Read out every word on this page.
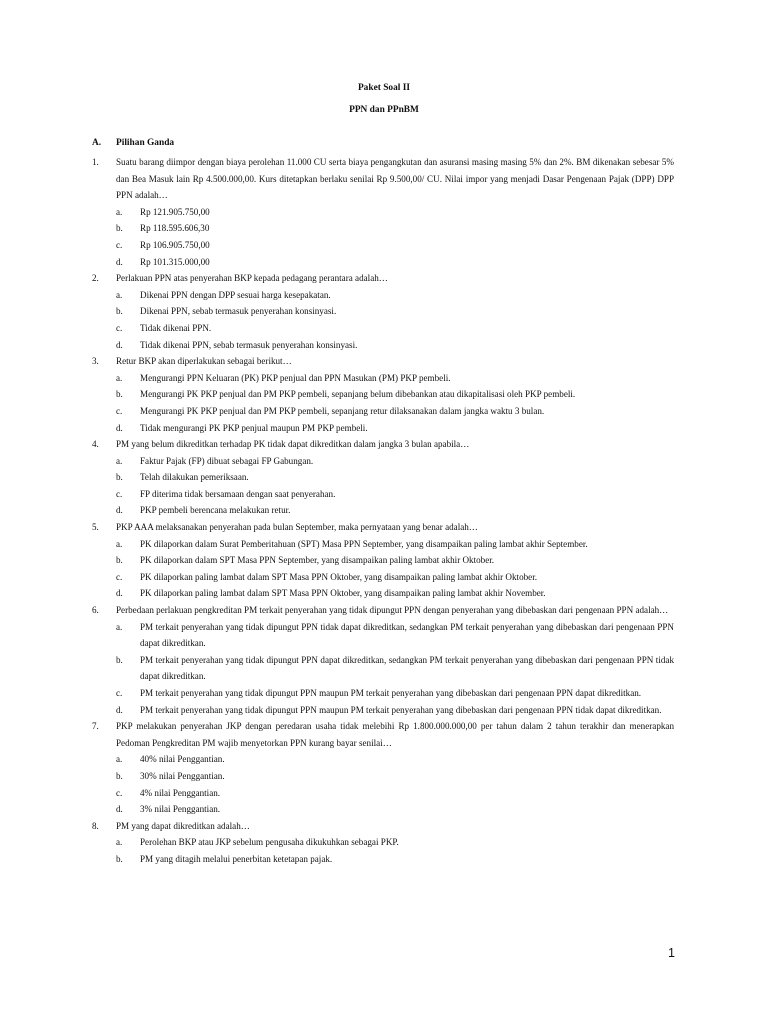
Paket Soal II
PPN dan PPnBM
A. Pilihan Ganda
1. Suatu barang diimpor dengan biaya perolehan 11.000 CU serta biaya pengangkutan dan asuransi masing masing 5% dan 2%. BM dikenakan sebesar 5% dan Bea Masuk lain Rp 4.500.000,00. Kurs ditetapkan berlaku senilai Rp 9.500,00/ CU. Nilai impor yang menjadi Dasar Pengenaan Pajak (DPP) DPP PPN adalah…

a. Rp 121.905.750,00

b. Rp 118.595.606,30

c. Rp 106.905.750,00

d. Rp 101.315.000,00

2. Perlakuan PPN atas penyerahan BKP kepada pedagang perantara adalah…

a. Dikenai PPN dengan DPP sesuai harga kesepakatan.

b. Dikenai PPN, sebab termasuk penyerahan konsinyasi.

c. Tidak dikenai PPN.

d. Tidak dikenai PPN, sebab termasuk penyerahan konsinyasi.

3. Retur BKP akan diperlakukan sebagai berikut…

a. Mengurangi PPN Keluaran (PK) PKP penjual dan PPN Masukan (PM) PKP pembeli.

b. Mengurangi PK PKP penjual dan PM PKP pembeli, sepanjang belum dibebankan atau dikapitalisasi oleh PKP pembeli.

c. Mengurangi PK PKP penjual dan PM PKP pembeli, sepanjang retur dilaksanakan dalam jangka waktu 3 bulan.

d. Tidak mengurangi PK PKP penjual maupun PM PKP pembeli.

4. PM yang belum dikreditkan terhadap PK tidak dapat dikreditkan dalam jangka 3 bulan apabila…

a. Faktur Pajak (FP) dibuat sebagai FP Gabungan.

b. Telah dilakukan pemeriksaan.

c. FP diterima tidak bersamaan dengan saat penyerahan.

d. PKP pembeli berencana melakukan retur.

5. PKP AAA melaksanakan penyerahan pada bulan September, maka pernyataan yang benar adalah…

a. PK dilaporkan dalam Surat Pemberitahuan (SPT) Masa PPN September, yang disampaikan paling lambat akhir September.

b. PK dilaporkan dalam SPT Masa PPN September, yang disampaikan paling lambat akhir Oktober.

c. PK dilaporkan paling lambat dalam SPT Masa PPN Oktober, yang disampaikan paling lambat akhir Oktober.

d. PK dilaporkan paling lambat dalam SPT Masa PPN Oktober, yang disampaikan paling lambat akhir November.

6. Perbedaan perlakuan pengkreditan PM terkait penyerahan yang tidak dipungut PPN dengan penyerahan yang dibebaskan dari pengenaan PPN adalah…

a. PM terkait penyerahan yang tidak dipungut PPN tidak dapat dikreditkan, sedangkan PM terkait penyerahan yang dibebaskan dari pengenaan PPN dapat dikreditkan.

b. PM terkait penyerahan yang tidak dipungut PPN dapat dikreditkan, sedangkan PM terkait penyerahan yang dibebaskan dari pengenaan PPN tidak dapat dikreditkan.

c. PM terkait penyerahan yang tidak dipungut PPN maupun PM terkait penyerahan yang dibebaskan dari pengenaan PPN dapat dikreditkan.

d. PM terkait penyerahan yang tidak dipungut PPN maupun PM terkait penyerahan yang dibebaskan dari pengenaan PPN tidak dapat dikreditkan.

7. PKP melakukan penyerahan JKP dengan peredaran usaha tidak melebihi Rp 1.800.000.000,00 per tahun dalam 2 tahun terakhir dan menerapkan Pedoman Pengkreditan PM wajib menyetorkan PPN kurang bayar senilai…

a. 40% nilai Penggantian.

b. 30% nilai Penggantian.

c. 4% nilai Penggantian.

d. 3% nilai Penggantian.

8. PM yang dapat dikreditkan adalah…

a. Perolehan BKP atau JKP sebelum pengusaha dikukuhkan sebagai PKP.

b. PM yang ditagih melalui penerbitan ketetapan pajak.

1
